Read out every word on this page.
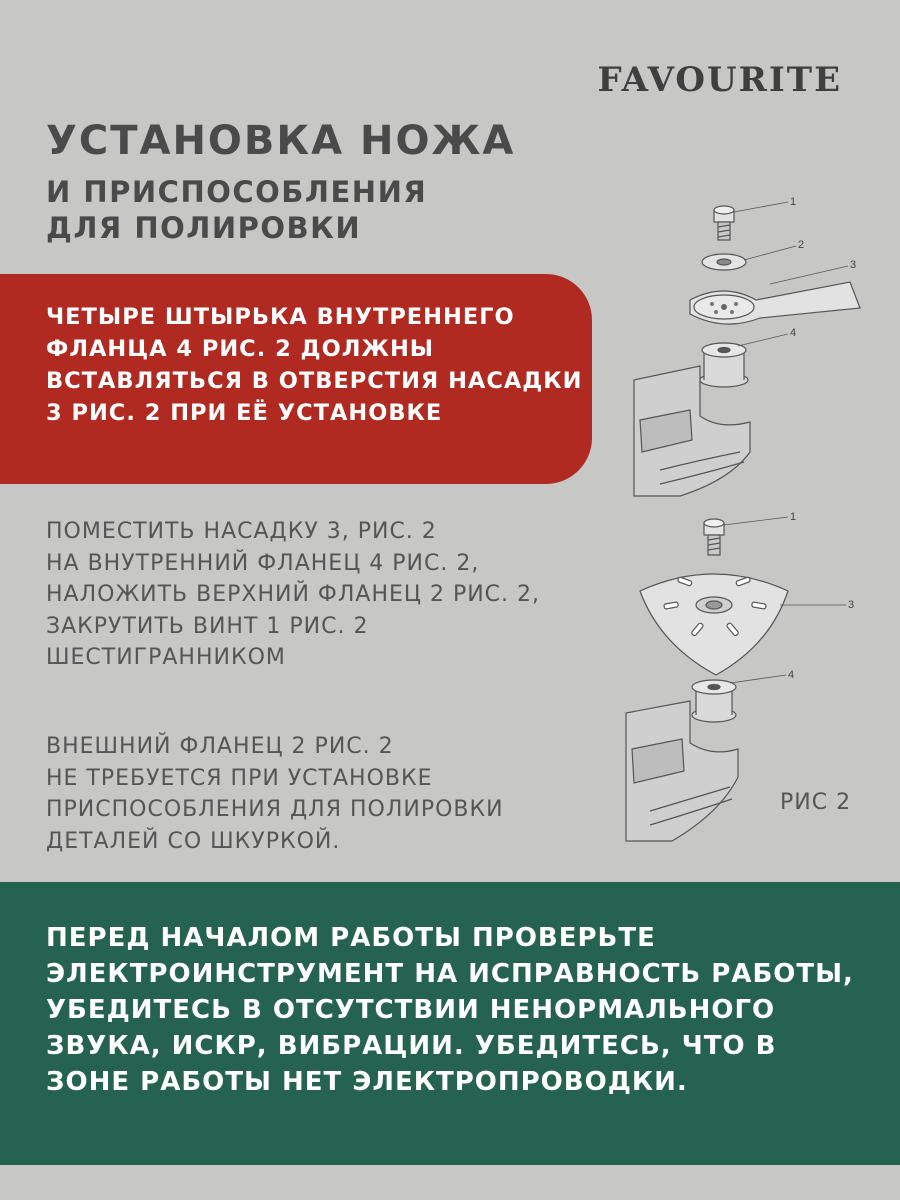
FAVOURITE
УСТАНОВКА НОЖА
И ПРИСПОСОБЛЕНИЯ
ДЛЯ ПОЛИРОВКИ

ЧЕТЫРЕ ШТЫРЬКА ВНУТРЕННЕГО ФЛАНЦА 4 РИС. 2 ДОЛЖНЫ ВСТАВЛЯТЬСЯ В ОТВЕРСТИЯ НАСАДКИ 3 РИС. 2 ПРИ ЕЁ УСТАНОВКЕ

1
2
3
4

ПОМЕСТИТЬ НАСАДКУ 3, РИС. 2
НА ВНУТРЕННИЙ ФЛАНЕЦ 4 РИС. 2,
НАЛОЖИТЬ ВЕРХНИЙ ФЛАНЕЦ 2 РИС. 2,
ЗАКРУТИТЬ ВИНТ 1 РИС. 2
ШЕСТИГРАННИКОМ

1
3
4

ВНЕШНИЙ ФЛАНЕЦ 2 РИС. 2
НЕ ТРЕБУЕТСЯ ПРИ УСТАНОВКЕ
ПРИСПОСОБЛЕНИЯ ДЛЯ ПОЛИРОВКИ
ДЕТАЛЕЙ СО ШКУРКОЙ.

РИС 2

ПЕРЕД НАЧАЛОМ РАБОТЫ ПРОВЕРЬТЕ ЭЛЕКТРОИНСТРУМЕНТ НА ИСПРАВНОСТЬ РАБОТЫ, УБЕДИТЕСЬ В ОТСУТСТВИИ НЕНОРМАЛЬНОГО ЗВУКА, ИСКР, ВИБРАЦИИ. УБЕДИТЕСЬ, ЧТО В ЗОНЕ РАБОТЫ НЕТ ЭЛЕКТРОПРОВОДКИ.
